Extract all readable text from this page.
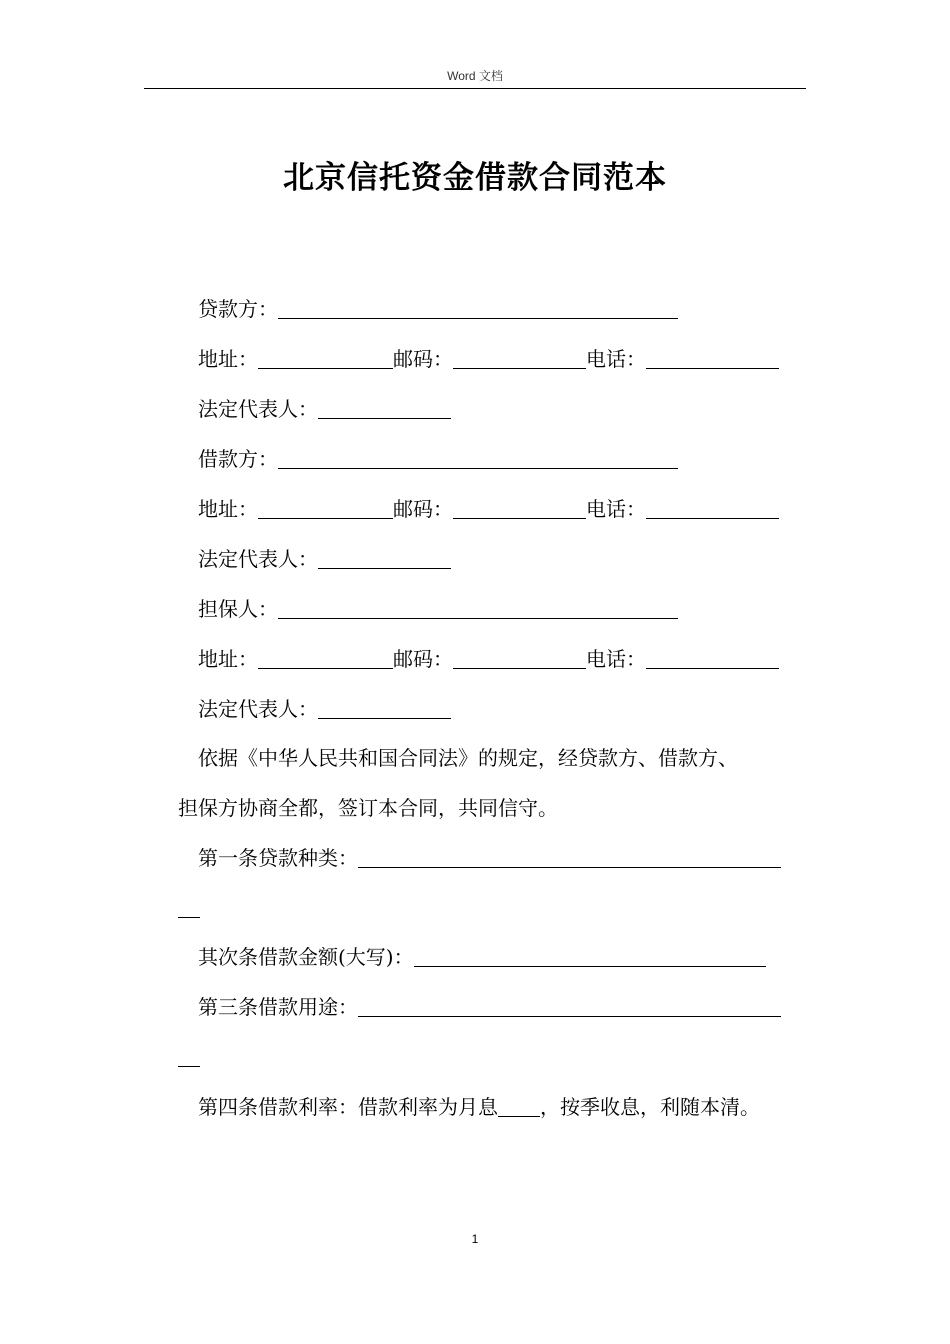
Word 文档
北京信托资金借款合同范本
贷款方：
地址：	邮码：	电话：
法定代表人：
借款方：
地址：	邮码：	电话：
法定代表人：
担保人：
地址：	邮码：	电话：
法定代表人：
依据《中华人民共和国合同法》的规定，经贷款方、借款方、
担保方协商全都，签订本合同，共同信守。
第一条贷款种类：
其次条借款金额(大写)：
第三条借款用途：
第四条借款利率：借款利率为月息 ，按季收息，利随本清。
1
